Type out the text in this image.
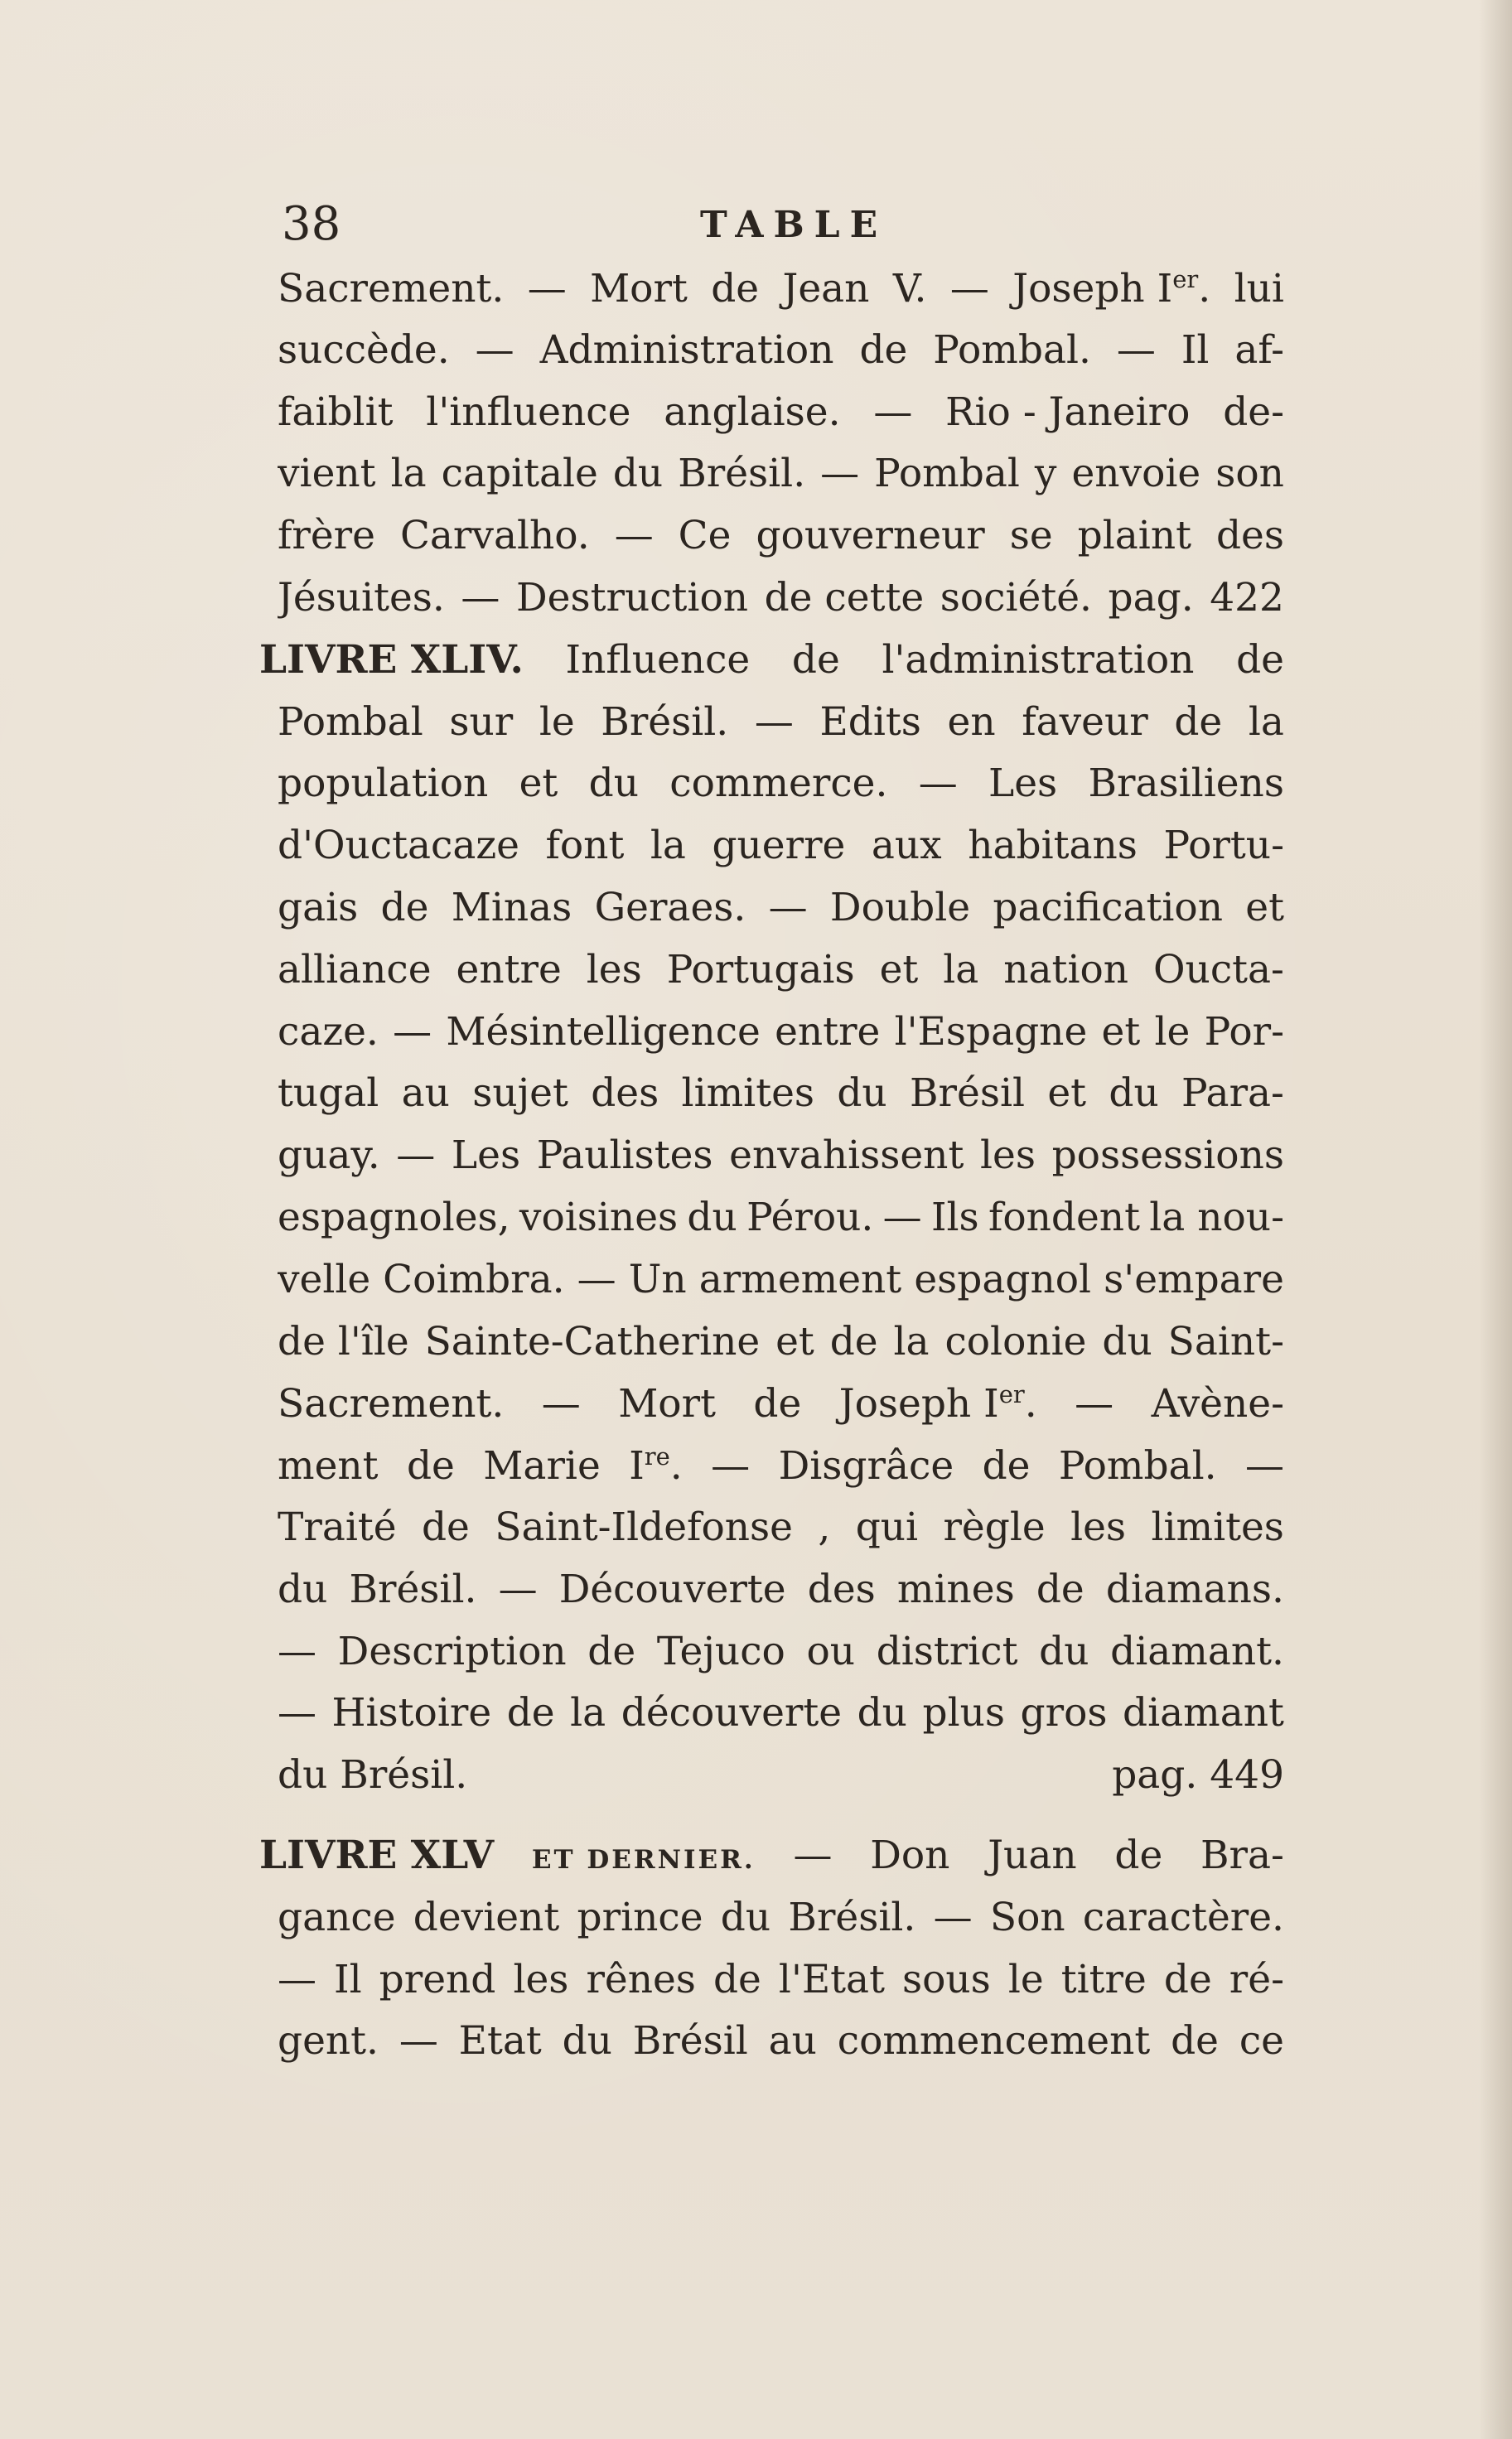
38	TABLE
Sacrement. — Mort de Jean V. — Joseph Ier. lui
succède. — Administration de Pombal. — Il af-
faiblit l'influence anglaise. — Rio - Janeiro de-
vient la capitale du Brésil. — Pombal y envoie son
frère Carvalho. — Ce gouverneur se plaint des
Jésuites. — Destruction de cette société. pag. 422
LIVRE XLIV. Influence de l'administration de
Pombal sur le Brésil. — Edits en faveur de la
population et du commerce. — Les Brasiliens
d'Ouctacaze font la guerre aux habitans Portu-
gais de Minas Geraes. — Double pacification et
alliance entre les Portugais et la nation Oucta-
caze. — Mésintelligence entre l'Espagne et le Por-
tugal au sujet des limites du Brésil et du Para-
guay. — Les Paulistes envahissent les possessions
espagnoles, voisines du Pérou. — Ils fondent la nou-
velle Coimbra. — Un armement espagnol s'empare
de l'île Sainte-Catherine et de la colonie du Saint-
Sacrement. — Mort de Joseph Ier. — Avène-
ment de Marie Ire. — Disgrâce de Pombal. —
Traité de Saint-Ildefonse , qui règle les limites
du Brésil. — Découverte des mines de diamans.
— Description de Tejuco ou district du diamant.
— Histoire de la découverte du plus gros diamant
du Brésil.	pag. 449
LIVRE XLV ET DERNIER. — Don Juan de Bra-
gance devient prince du Brésil. — Son caractère.
— Il prend les rênes de l'Etat sous le titre de ré-
gent. — Etat du Brésil au commencement de ce
